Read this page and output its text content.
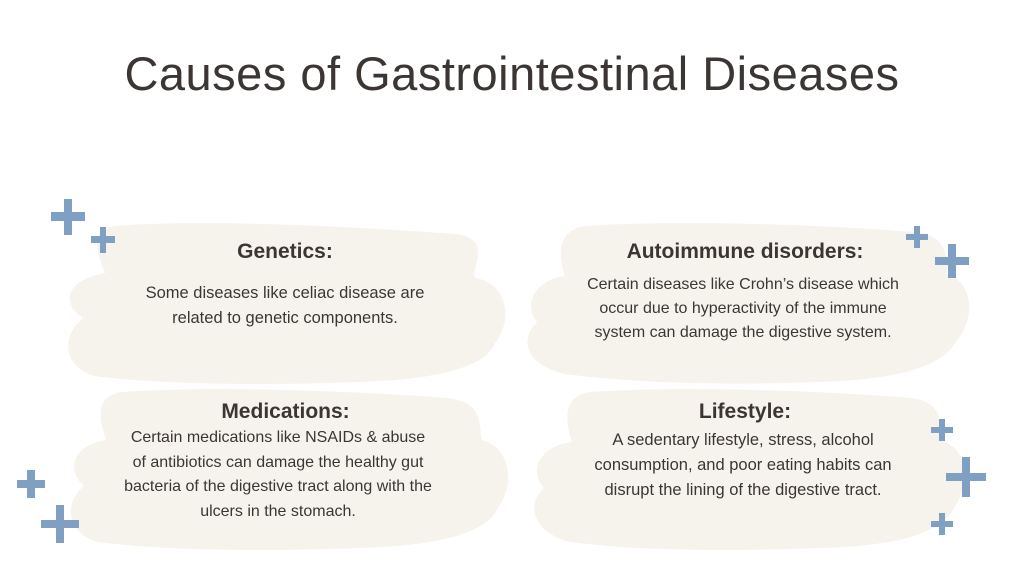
Causes of Gastrointestinal Diseases
Genetics:
Some diseases like celiac disease are related to genetic components.
Autoimmune disorders:
Certain diseases like Crohn’s disease which occur due to hyperactivity of the immune system can damage the digestive system.
Medications:
Certain medications like NSAIDs & abuse of antibiotics can damage the healthy gut bacteria of the digestive tract along with the ulcers in the stomach.
Lifestyle:
A sedentary lifestyle, stress, alcohol consumption, and poor eating habits can disrupt the lining of the digestive tract.
